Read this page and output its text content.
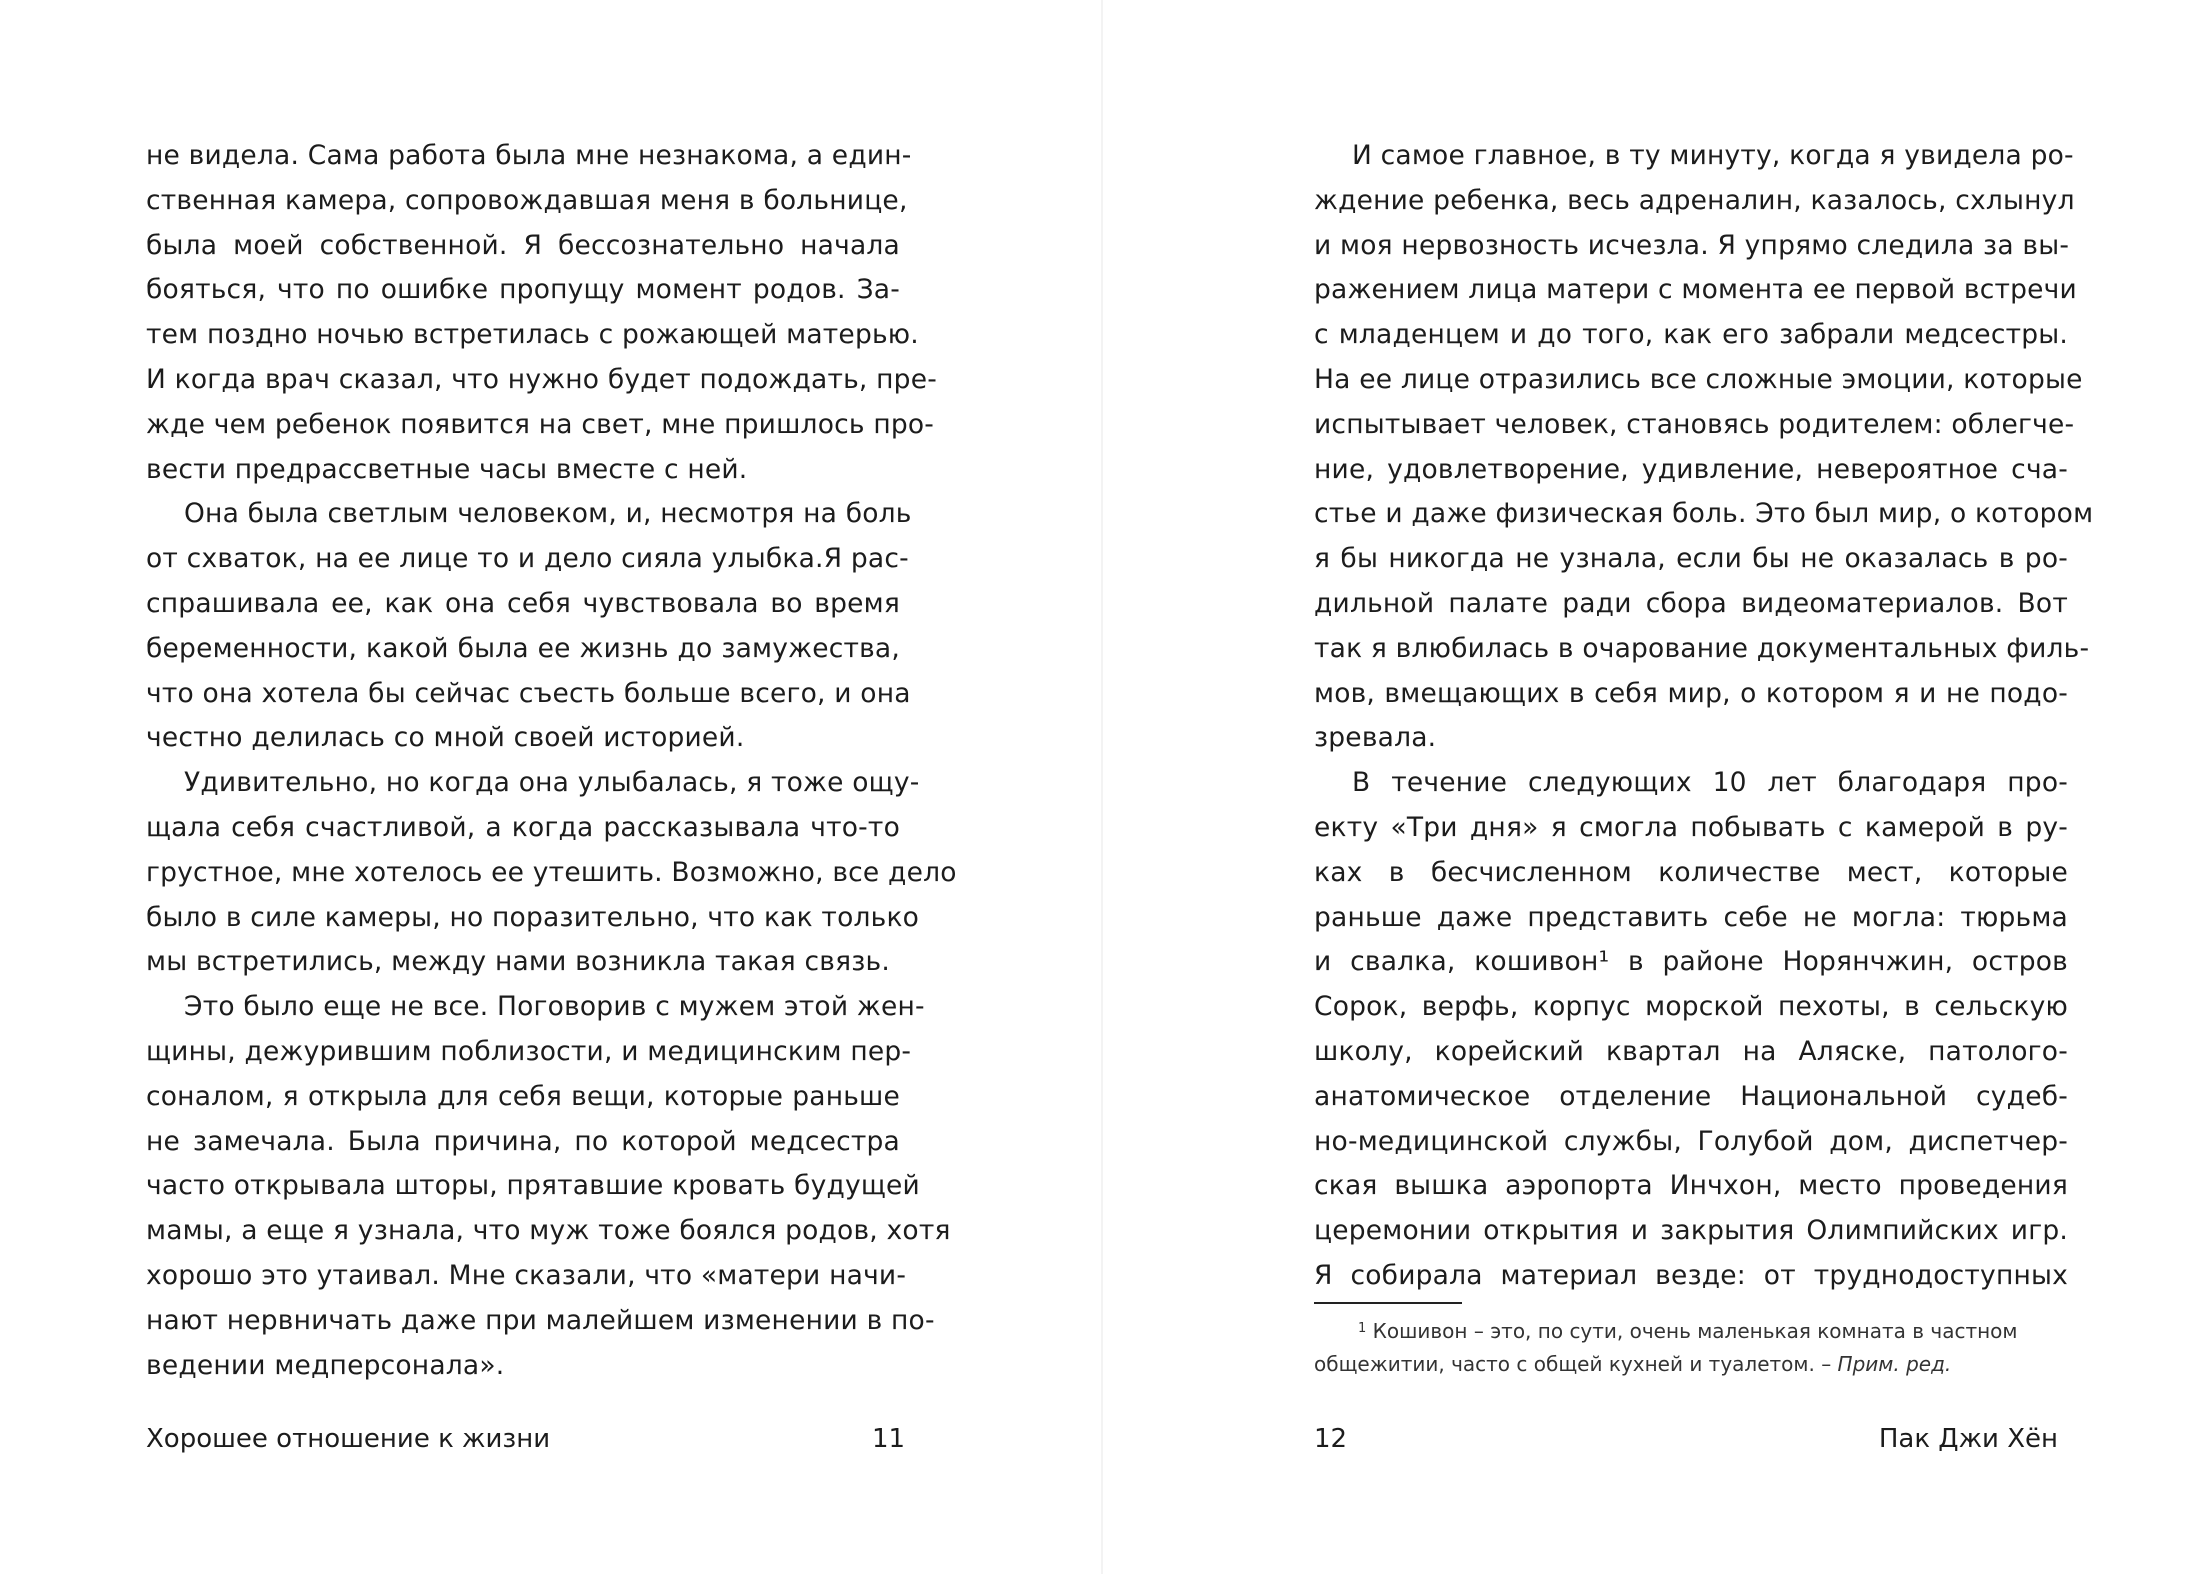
не видела. Сама работа была мне незнакома, а един-
ственная камера, сопровождавшая меня в больнице,
была моей собственной. Я бессознательно начала
бояться, что по ошибке пропущу момент родов. За-
тем поздно ночью встретилась с рожающей матерью.
И когда врач сказал, что нужно будет подождать, пре-
жде чем ребенок появится на свет, мне пришлось про-
вести предрассветные часы вместе с ней.
Она была светлым человеком, и, несмотря на боль
от схваток, на ее лице то и дело сияла улыбка.Я рас-
спрашивала ее, как она себя чувствовала во время
беременности, какой была ее жизнь до замужества,
что она хотела бы сейчас съесть больше всего, и она
честно делилась со мной своей историей.
Удивительно, но когда она улыбалась, я тоже ощу-
щала себя счастливой, а когда рассказывала что-то
грустное, мне хотелось ее утешить. Возможно, все дело
было в силе камеры, но поразительно, что как только
мы встретились, между нами возникла такая связь.
Это было еще не все. Поговорив с мужем этой жен-
щины, дежурившим поблизости, и медицинским пер-
соналом, я открыла для себя вещи, которые раньше
не замечала. Была причина, по которой медсестра
часто открывала шторы, прятавшие кровать будущей
мамы, а еще я узнала, что муж тоже боялся родов, хотя
хорошо это утаивал. Мне сказали, что «матери начи-
нают нервничать даже при малейшем изменении в по-
ведении медперсонала».
Хорошее отношение к жизни	11
И самое главное, в ту минуту, когда я увидела ро-
ждение ребенка, весь адреналин, казалось, схлынул
и моя нервозность исчезла. Я упрямо следила за вы-
ражением лица матери с момента ее первой встречи
с младенцем и до того, как его забрали медсестры.
На ее лице отразились все сложные эмоции, которые
испытывает человек, становясь родителем: облегче-
ние, удовлетворение, удивление, невероятное сча-
стье и даже физическая боль. Это был мир, о котором
я бы никогда не узнала, если бы не оказалась в ро-
дильной палате ради сбора видеоматериалов. Вот
так я влюбилась в очарование документальных филь-
мов, вмещающих в себя мир, о котором я и не подо-
зревала.
В течение следующих 10 лет благодаря про-
екту «Три дня» я смогла побывать с камерой в ру-
ках в бесчисленном количестве мест, которые
раньше даже представить себе не могла: тюрьма
и свалка, кошивон¹ в районе Норянчжин, остров
Сорок, верфь, корпус морской пехоты, в сельскую
школу, корейский квартал на Аляске, патолого-
анатомическое отделение Национальной судеб-
но-медицинской службы, Голубой дом, диспетчер-
ская вышка аэропорта Инчхон, место проведения
церемонии открытия и закрытия Олимпийских игр.
Я собирала материал везде: от труднодоступных
$^1$ Кошивон – это, по сути, очень маленькая комната в частном
общежитии, часто с общей кухней и туалетом. – Прим. ред.
12	Пак Джи Хён
